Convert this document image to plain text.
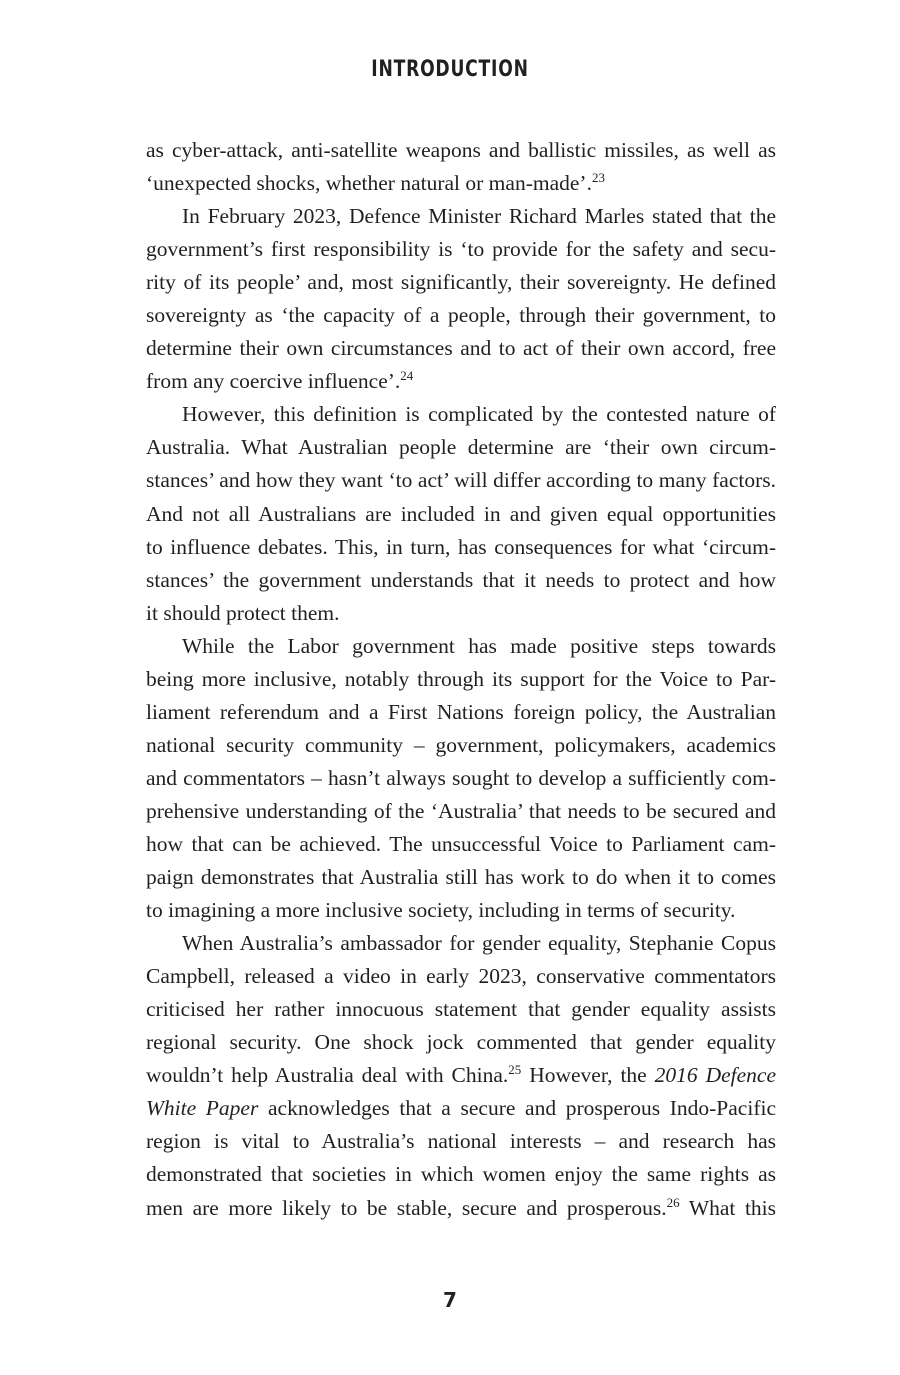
INTRODUCTION
as cyber-attack, anti-satellite weapons and ballistic missiles, as well as
‘unexpected shocks, whether natural or man-made’.$^{23}$
In February 2023, Defence Minister Richard Marles stated that the
government’s first responsibility is ‘to provide for the safety and secu-
rity of its people’ and, most significantly, their sovereignty. He defined
sovereignty as ‘the capacity of a people, through their government, to
determine their own circumstances and to act of their own accord, free
from any coercive influence’.$^{24}$
However, this definition is complicated by the contested nature of
Australia. What Australian people determine are ‘their own circum-
stances’ and how they want ‘to act’ will differ according to many factors.
And not all Australians are included in and given equal opportunities
to influence debates. This, in turn, has consequences for what ‘circum-
stances’ the government understands that it needs to protect and how
it should protect them.
While the Labor government has made positive steps towards
being more inclusive, notably through its support for the Voice to Par-
liament referendum and a First Nations foreign policy, the Australian
national security community – government, policymakers, academics
and commentators – hasn’t always sought to develop a sufficiently com-
prehensive understanding of the ‘Australia’ that needs to be secured and
how that can be achieved. The unsuccessful Voice to Parliament cam-
paign demonstrates that Australia still has work to do when it to comes
to imagining a more inclusive society, including in terms of security.
When Australia’s ambassador for gender equality, Stephanie Copus
Campbell, released a video in early 2023, conservative commentators
criticised her rather innocuous statement that gender equality assists
regional security. One shock jock commented that gender equality
wouldn’t help Australia deal with China.$^{25}$ However, the 2016 Defence
White Paper acknowledges that a secure and prosperous Indo-Pacific
region is vital to Australia’s national interests – and research has
demonstrated that societies in which women enjoy the same rights as
men are more likely to be stable, secure and prosperous.$^{26}$ What this
7
